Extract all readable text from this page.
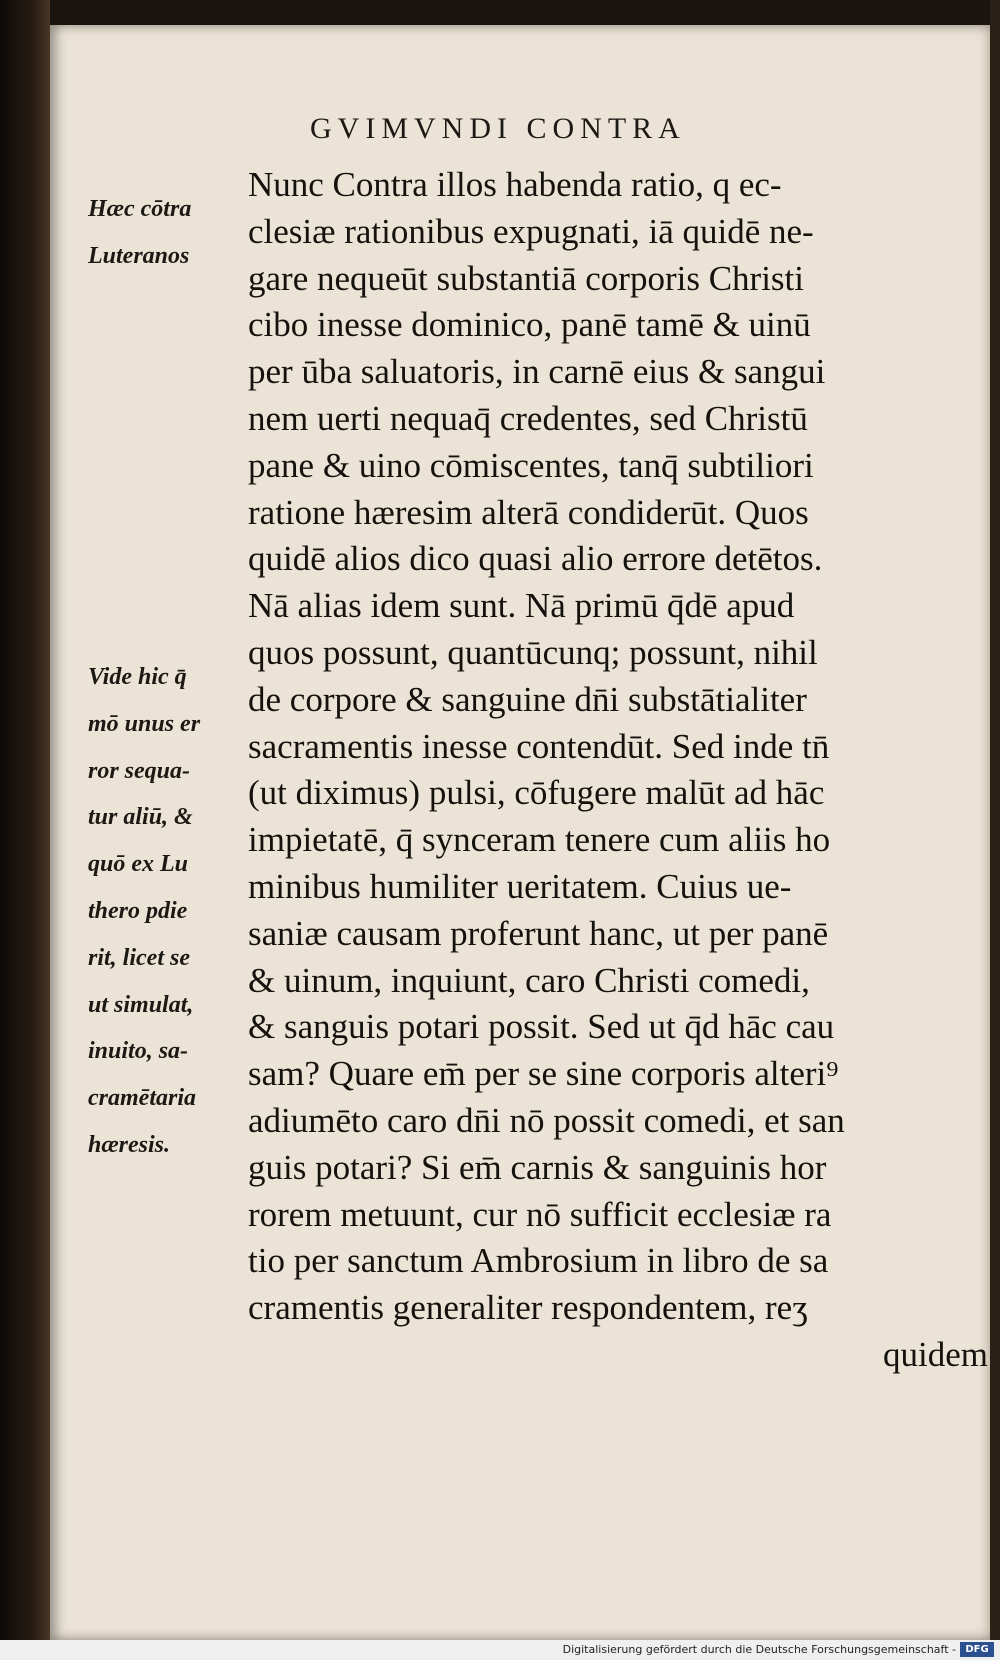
GVIMVNDI CONTRA
Hæc cōtra
Luteranos
Vide hic q̄
mō unus er
ror sequa-
tur aliū, &
quō ex Lu
thero pdie
rit, licet se
ut simulat,
inuito, sa-
cramētaria
hæresis.
Nunc Contra illos habenda ratio, q ec-
clesiæ rationibus expugnati, iā quidē ne-
gare nequeūt substantiā corporis Christi
cibo inesse dominico, panē tamē & uinū
per ūba saluatoris, in carnē eius & sangui
nem uerti nequaq̄ credentes, sed Christū
pane & uino cōmiscentes, tanq̄ subtiliori
ratione hæresim alterā condiderūt. Quos
quidē alios dico quasi alio errore detētos.
Nā alias idem sunt. Nā primū q̄dē apud
quos possunt, quantūcunq; possunt, nihil
de corpore & sanguine dn̄i substātialiter
sacramentis inesse contendūt. Sed inde tn̄
(ut diximus) pulsi, cōfugere malūt ad hāc
impietatē, q̄ synceram tenere cum aliis ho
minibus humiliter ueritatem. Cuius ue-
saniæ causam proferunt hanc, ut per panē
& uinum, inquiunt, caro Christi comedi,
& sanguis potari possit. Sed ut q̄d hāc cau
sam? Quare em̄ per se sine corporis alteri⁹
adiumēto caro dn̄i nō possit comedi, et san
guis potari? Si em̄ carnis & sanguinis hor
rorem metuunt, cur nō sufficit ecclesiæ ra
tio per sanctum Ambrosium in libro de sa
cramentis generaliter respondentem, reʒ
quidem
Digitalisierung gefördert durch die Deutsche Forschungsgemeinschaft - DFG
